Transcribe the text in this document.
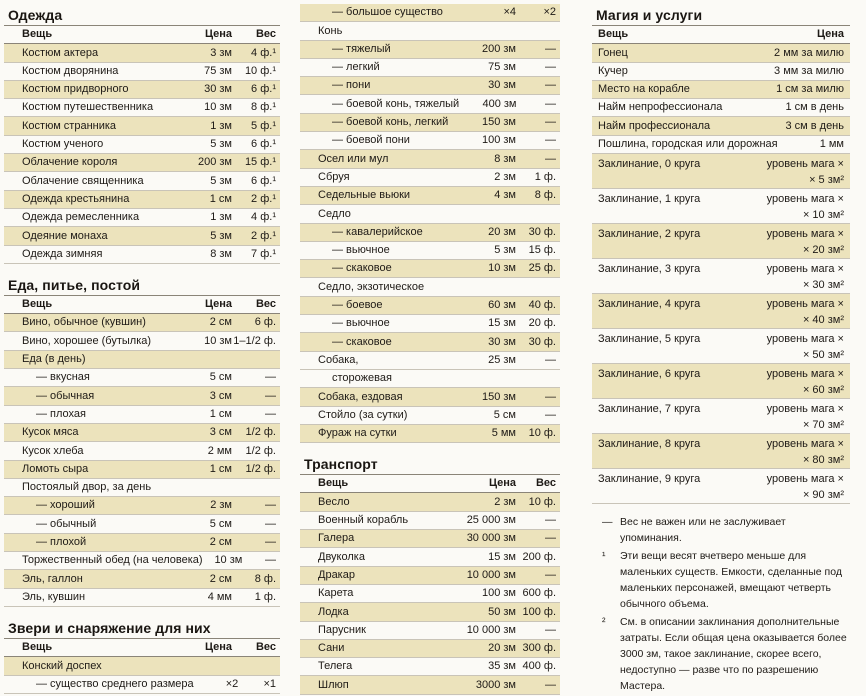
Одежда
Вещь	Цена	Вес
Костюм актера	3 зм	4 ф.¹
Костюм дворянина	75 зм	10 ф.¹
Костюм придворного	30 зм	6 ф.¹
Костюм путешественника	10 зм	8 ф.¹
Костюм странника	1 зм	5 ф.¹
Костюм ученого	5 зм	6 ф.¹
Облачение короля	200 зм	15 ф.¹
Облачение священника	5 зм	6 ф.¹
Одежда крестьянина	1 см	2 ф.¹
Одежда ремесленника	1 зм	4 ф.¹
Одеяние монаха	5 зм	2 ф.¹
Одежда зимняя	8 зм	7 ф.¹
Еда, питье, постой
Вещь	Цена	Вес
Вино, обычное (кувшин)	2 см	6 ф.
Вино, хорошее (бутылка)	10 зм 1–1/2 ф.
Еда (в день)
— вкусная	5 см	—
— обычная	3 см	—
— плохая	1 см	—
Кусок мяса	3 см	1/2 ф.
Кусок хлеба	2 мм	1/2 ф.
Ломоть сыра	1 см	1/2 ф.
Постоялый двор, за день
— хороший	2 зм	—
— обычный	5 см	—
— плохой	2 см	—
Торжественный обед (на человека)	10 зм	—
Эль, галлон	2 см	8 ф.
Эль, кувшин	4 мм	1 ф.
Звери и снаряжение для них
Вещь	Цена	Вес
Конский доспех
— существо среднего размера	×2	×1
— большое существо	×4	×2
Конь
— тяжелый	200 зм	—
— легкий	75 зм	—
— пони	30 зм	—
— боевой конь, тяжелый	400 зм	—
— боевой конь, легкий	150 зм	—
— боевой пони	100 зм	—
Осел или мул	8 зм	—
Сбруя	2 зм	1 ф.
Седельные вьюки	4 зм	8 ф.
Седло
— кавалерийское	20 зм	30 ф.
— вьючное	5 зм	15 ф.
— скаковое	10 зм	25 ф.
Седло, экзотическое
— боевое	60 зм	40 ф.
— вьючное	15 зм	20 ф.
— скаковое	30 зм	30 ф.
Собака,	25 зм	—
сторожевая
Собака, ездовая	150 зм	—
Стойло (за сутки)	5 см	—
Фураж на сутки	5 мм	10 ф.
Транспорт
Вещь	Цена	Вес
Весло	2 зм	10 ф.
Военный корабль	25 000 зм	—
Галера	30 000 зм	—
Двуколка	15 зм 200 ф.
Дракар	10 000 зм	—
Карета	100 зм 600 ф.
Лодка	50 зм 100 ф.
Парусник	10 000 зм	—
Сани	20 зм 300 ф.
Телега	35 зм 400 ф.
Шлюп	3000 зм	—
Магия и услуги
Вещь	Цена
Гонец	2 мм за милю
Кучер	3 мм за милю
Место на корабле	1 см за милю
Найм непрофессионала	1 см в день
Найм профессионала	3 см в день
Пошлина, городская или дорожная	1 мм
Заклинание, 0 круга	уровень мага ×
× 5 зм²
Заклинание, 1 круга	уровень мага ×
× 10 зм²
Заклинание, 2 круга	уровень мага ×
× 20 зм²
Заклинание, 3 круга	уровень мага ×
× 30 зм²
Заклинание, 4 круга	уровень мага ×
× 40 зм²
Заклинание, 5 круга	уровень мага ×
× 50 зм²
Заклинание, 6 круга	уровень мага ×
× 60 зм²
Заклинание, 7 круга	уровень мага ×
× 70 зм²
Заклинание, 8 круга	уровень мага ×
× 80 зм²
Заклинание, 9 круга	уровень мага ×
× 90 зм²
— Вес не важен или не заслуживает упоминания.
¹ Эти вещи весят вчетверо меньше для маленьких существ. Емкости, сделанные под маленьких персонажей, вмещают четверть обычного объема.
² См. в описании заклинания дополнительные затраты. Если общая цена оказывается более 3000 зм, такое заклинание, скорее всего, недоступно — разве что по разрешению Мастера.
